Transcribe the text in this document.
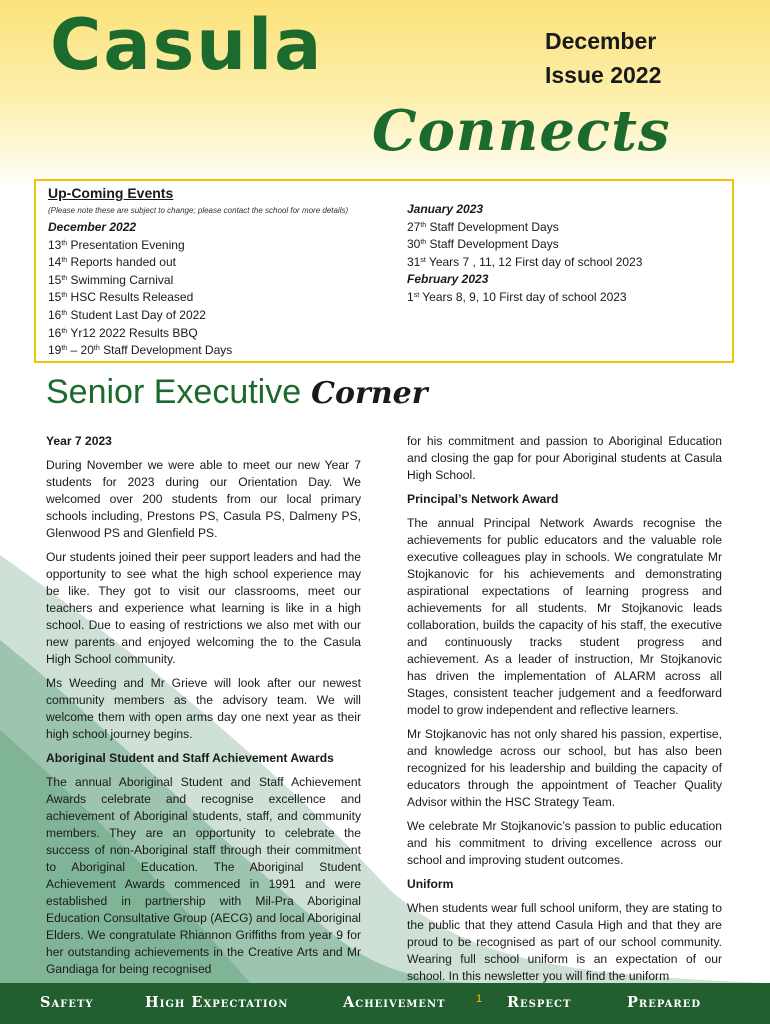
Casula	December
Issue 2022
Connects
Up-Coming Events
(Please note these are subject to change; please contact the school for more details)
December 2022
13th Presentation Evening
14th Reports handed out
15th Swimming Carnival
15th HSC Results Released
16th Student Last Day of 2022
16th Yr12 2022 Results BBQ
19th – 20th Staff Development Days
January 2023
27th Staff Development Days
30th Staff Development Days
31st Years 7 , 11, 12 First day of school 2023
February 2023
1st Years 8, 9, 10 First day of school 2023
Senior Executive Corner
Year 7 2023

During November we were able to meet our new Year 7 students for 2023 during our Orientation Day. We welcomed over 200 students from our local primary schools including, Prestons PS, Casula PS, Dalmeny PS, Glenwood PS and Glenfield PS.

Our students joined their peer support leaders and had the opportunity to see what the high school experience may be like. They got to visit our classrooms, meet our teachers and experience what learning is like in a high school. Due to easing of restrictions we also met with our new parents and enjoyed welcoming the to the Casula High School community.

Ms Weeding and Mr Grieve will look after our newest community members as the advisory team. We will welcome them with open arms day one next year as their high school journey begins.

Aboriginal Student and Staff Achievement Awards

The annual Aboriginal Student and Staff Achievement Awards celebrate and recognise excellence and achievement of Aboriginal students, staff, and community members. They are an opportunity to celebrate the success of non-Aboriginal staff through their commitment to Aboriginal Education. The Aboriginal Student Achievement Awards commenced in 1991 and were established in partnership with Mil-Pra Aboriginal Education Consultative Group (AECG) and local Aboriginal Elders. We congratulate Rhiannon Griffiths from year 9 for her outstanding achievements in the Creative Arts and Mr Gandiaga for being recognised

for his commitment and passion to Aboriginal Education and closing the gap for pour Aboriginal students at Casula High School.

Principal’s Network Award

The annual Principal Network Awards recognise the achievements for public educators and the valuable role executive colleagues play in schools. We congratulate Mr Stojkanovic for his achievements and demonstrating aspirational expectations of learning progress and achievements for all students. Mr Stojkanovic leads collaboration, builds the capacity of his staff, the executive and continuously tracks student progress and achievement. As a leader of instruction, Mr Stojkanovic has driven the implementation of ALARM across all Stages, consistent teacher judgement and a feedforward model to grow independent and reflective learners.

Mr Stojkanovic has not only shared his passion, expertise, and knowledge across our school, but has also been recognized for his leadership and building the capacity of educators through the appointment of Teacher Quality Advisor within the HSC Strategy Team.

We celebrate Mr Stojkanovic’s passion to public education and his commitment to driving excellence across our school and improving student outcomes.

Uniform

When students wear full school uniform, they are stating to the public that they attend Casula High and that they are proud to be recognised as part of our school community. Wearing full school uniform is an expectation of our school. In this newsletter you will find the uniform

Safety	High Expectation	Acheivement	1 Respect	Prepared
